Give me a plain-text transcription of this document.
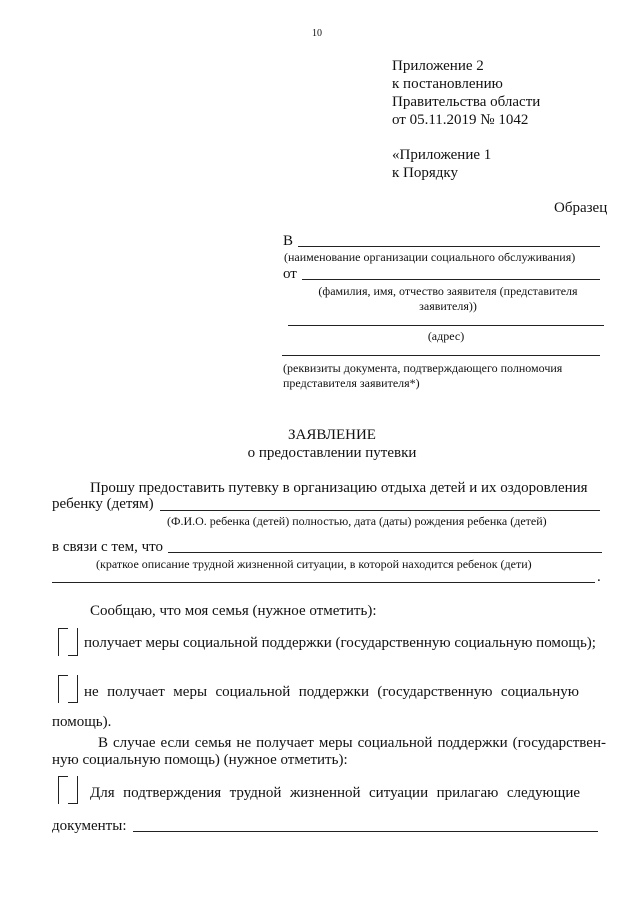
10
Приложение 2
к постановлению
Правительства области
от 05.11.2019 № 1042
«Приложение 1
к Порядку
Образец
В
(наименование организации социального обслуживания)
от
(фамилия, имя, отчество заявителя (представителя
заявителя))
(адрес)
(реквизиты документа, подтверждающего полномочия
представителя заявителя*)
ЗАЯВЛЕНИЕ
о предоставлении путевки
Прошу предоставить путевку в организацию отдыха детей и их оздоровления
ребенку (детям)
(Ф.И.О. ребенка (детей) полностью, дата (даты) рождения ребенка (детей)
в связи с тем, что
(краткое описание трудной жизненной ситуации, в которой находится ребенок (дети)
.
Сообщаю, что моя семья (нужное отметить):
получает меры социальной поддержки (государственную социальную помощь);
не получает меры социальной поддержки (государственную социальную
помощь).
В случае если семья не получает меры социальной поддержки (государствен-
ную социальную помощь) (нужное отметить):
Для подтверждения трудной жизненной ситуации прилагаю следующие
документы:
